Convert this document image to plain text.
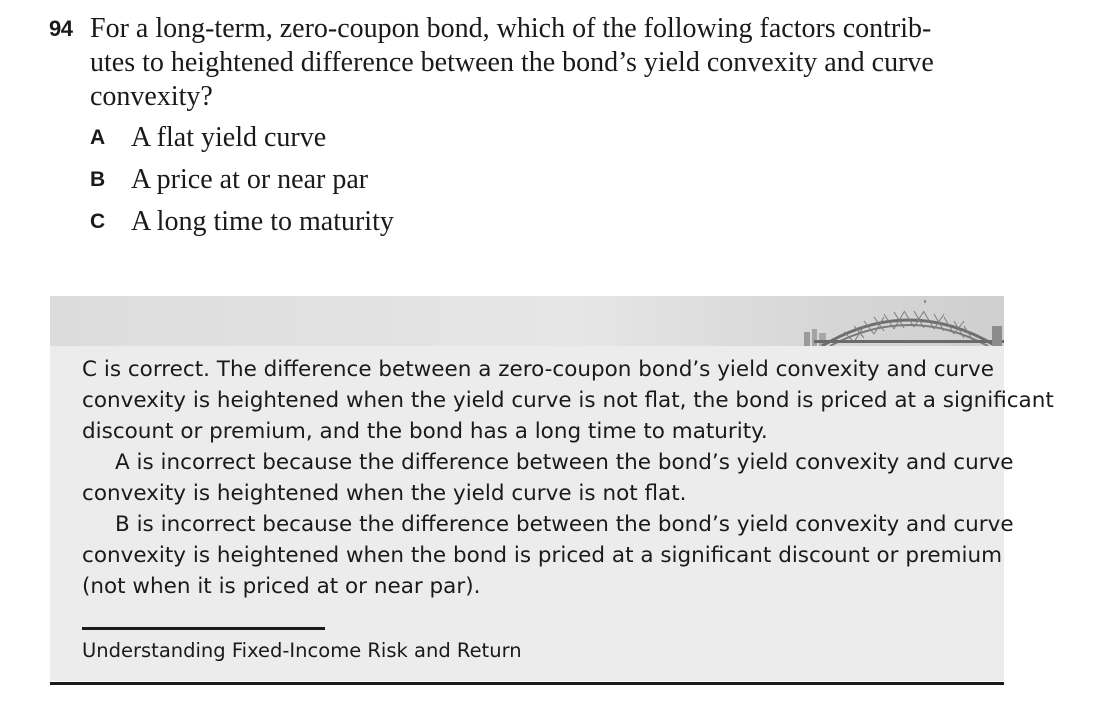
94 For a long-term, zero-coupon bond, which of the following factors contrib-
utes to heightened difference between the bond’s yield convexity and curve
convexity?
A A flat yield curve
B A price at or near par
C A long time to maturity
C is correct. The difference between a zero-coupon bond’s yield convexity and curve
convexity is heightened when the yield curve is not flat, the bond is priced at a significant
discount or premium, and the bond has a long time to maturity.
A is incorrect because the difference between the bond’s yield convexity and curve
convexity is heightened when the yield curve is not flat.
B is incorrect because the difference between the bond’s yield convexity and curve
convexity is heightened when the bond is priced at a significant discount or premium
(not when it is priced at or near par).
Understanding Fixed-Income Risk and Return
